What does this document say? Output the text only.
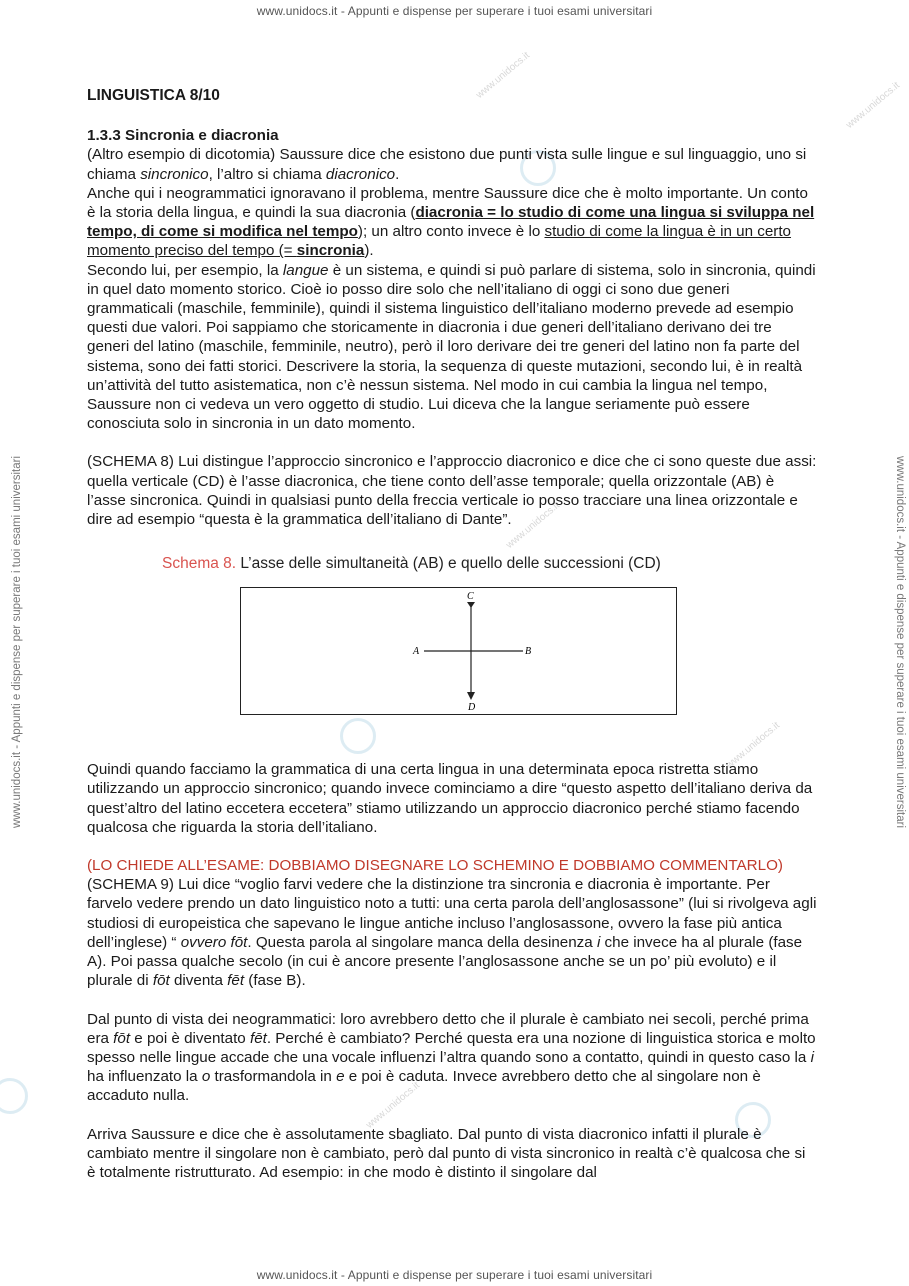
www.unidocs.it
www.unidocs.it
www.unidocs.it
www.unidocs.it
www.unidocs.it
www.unidocs.it - Appunti e dispense per superare i tuoi esami universitari
www.unidocs.it - Appunti e dispense per superare i tuoi esami universitari
www.unidocs.it - Appunti e dispense per superare i tuoi esami universitari	www.unidocs.it - Appunti e dispense per superare i tuoi esami universitari

LINGUISTICA 8/10

1.3.3 Sincronia e diacronia

(Altro esempio di dicotomia) Saussure dice che esistono due punti vista sulle lingue e sul linguaggio, uno si chiama sincronico, l’altro si chiama diacronico.

Anche qui i neogrammatici ignoravano il problema, mentre Saussure dice che è molto importante. Un conto è la storia della lingua, e quindi la sua diacronia (diacronia = lo studio di come una lingua si sviluppa nel tempo, di come si modifica nel tempo); un altro conto invece è lo studio di come la lingua è in un certo momento preciso del tempo (= sincronia).

Secondo lui, per esempio, la langue è un sistema, e quindi si può parlare di sistema, solo in sincronia, quindi in quel dato momento storico. Cioè io posso dire solo che nell’italiano di oggi ci sono due generi grammaticali (maschile, femminile), quindi il sistema linguistico dell’italiano moderno prevede ad esempio questi due valori. Poi sappiamo che storicamente in diacronia i due generi dell’italiano derivano dei tre generi del latino (maschile, femminile, neutro), però il loro derivare dei tre generi del latino non fa parte del sistema, sono dei fatti storici. Descrivere la storia, la sequenza di queste mutazioni, secondo lui, è in realtà un’attività del tutto asistematica, non c’è nessun sistema. Nel modo in cui cambia la lingua nel tempo, Saussure non ci vedeva un vero oggetto di studio. Lui diceva che la langue seriamente può essere conosciuta solo in sincronia in un dato momento.

(SCHEMA 8) Lui distingue l’approccio sincronico e l’approccio diacronico e dice che ci sono queste due assi: quella verticale (CD) è l’asse diacronica, che tiene conto dell’asse temporale; quella orizzontale (AB) è l’asse sincronica. Quindi in qualsiasi punto della freccia verticale io posso tracciare una linea orizzontale e dire ad esempio “questa è la grammatica dell’italiano di Dante”.

Quindi quando facciamo la grammatica di una certa lingua in una determinata epoca ristretta stiamo utilizzando un approccio sincronico; quando invece cominciamo a dire “questo aspetto dell’italiano deriva da quest’altro del latino eccetera eccetera” stiamo utilizzando un approccio diacronico perché stiamo facendo qualcosa che riguarda la storia dell’italiano.

(LO CHIEDE ALL’ESAME: DOBBIAMO DISEGNARE LO SCHEMINO E DOBBIAMO COMMENTARLO)

(SCHEMA 9) Lui dice “voglio farvi vedere che la distinzione tra sincronia e diacronia è importante. Per farvelo vedere prendo un dato linguistico noto a tutti: una certa parola dell’anglosassone” (lui si rivolgeva agli studiosi di europeistica che sapevano le lingue antiche incluso l’anglosassone, ovvero la fase più antica dell’inglese) “ ovvero fōt. Questa parola al singolare manca della desinenza i che invece ha al plurale (fase A). Poi passa qualche secolo (in cui è ancore presente l’anglosassone anche se un po’ più evoluto) e il plurale di fōt diventa fēt (fase B).

Dal punto di vista dei neogrammatici: loro avrebbero detto che il plurale è cambiato nei secoli, perché prima era fōt e poi è diventato fēt. Perché è cambiato? Perché questa era una nozione di linguistica storica e molto spesso nelle lingue accade che una vocale influenzi l’altra quando sono a contatto, quindi in questo caso la i ha influenzato la o trasformandola in e e poi è caduta. Invece avrebbero detto che al singolare non è accaduto nulla.

Arriva Saussure e dice che è assolutamente sbagliato. Dal punto di vista diacronico infatti il plurale è cambiato mentre il singolare non è cambiato, però dal punto di vista sincronico in realtà c’è qualcosa che si è totalmente ristrutturato. Ad esempio: in che modo è distinto il singolare dal

Schema 8. L’asse delle simultaneità (AB) e quello delle successioni (CD)
C
D
A	B
